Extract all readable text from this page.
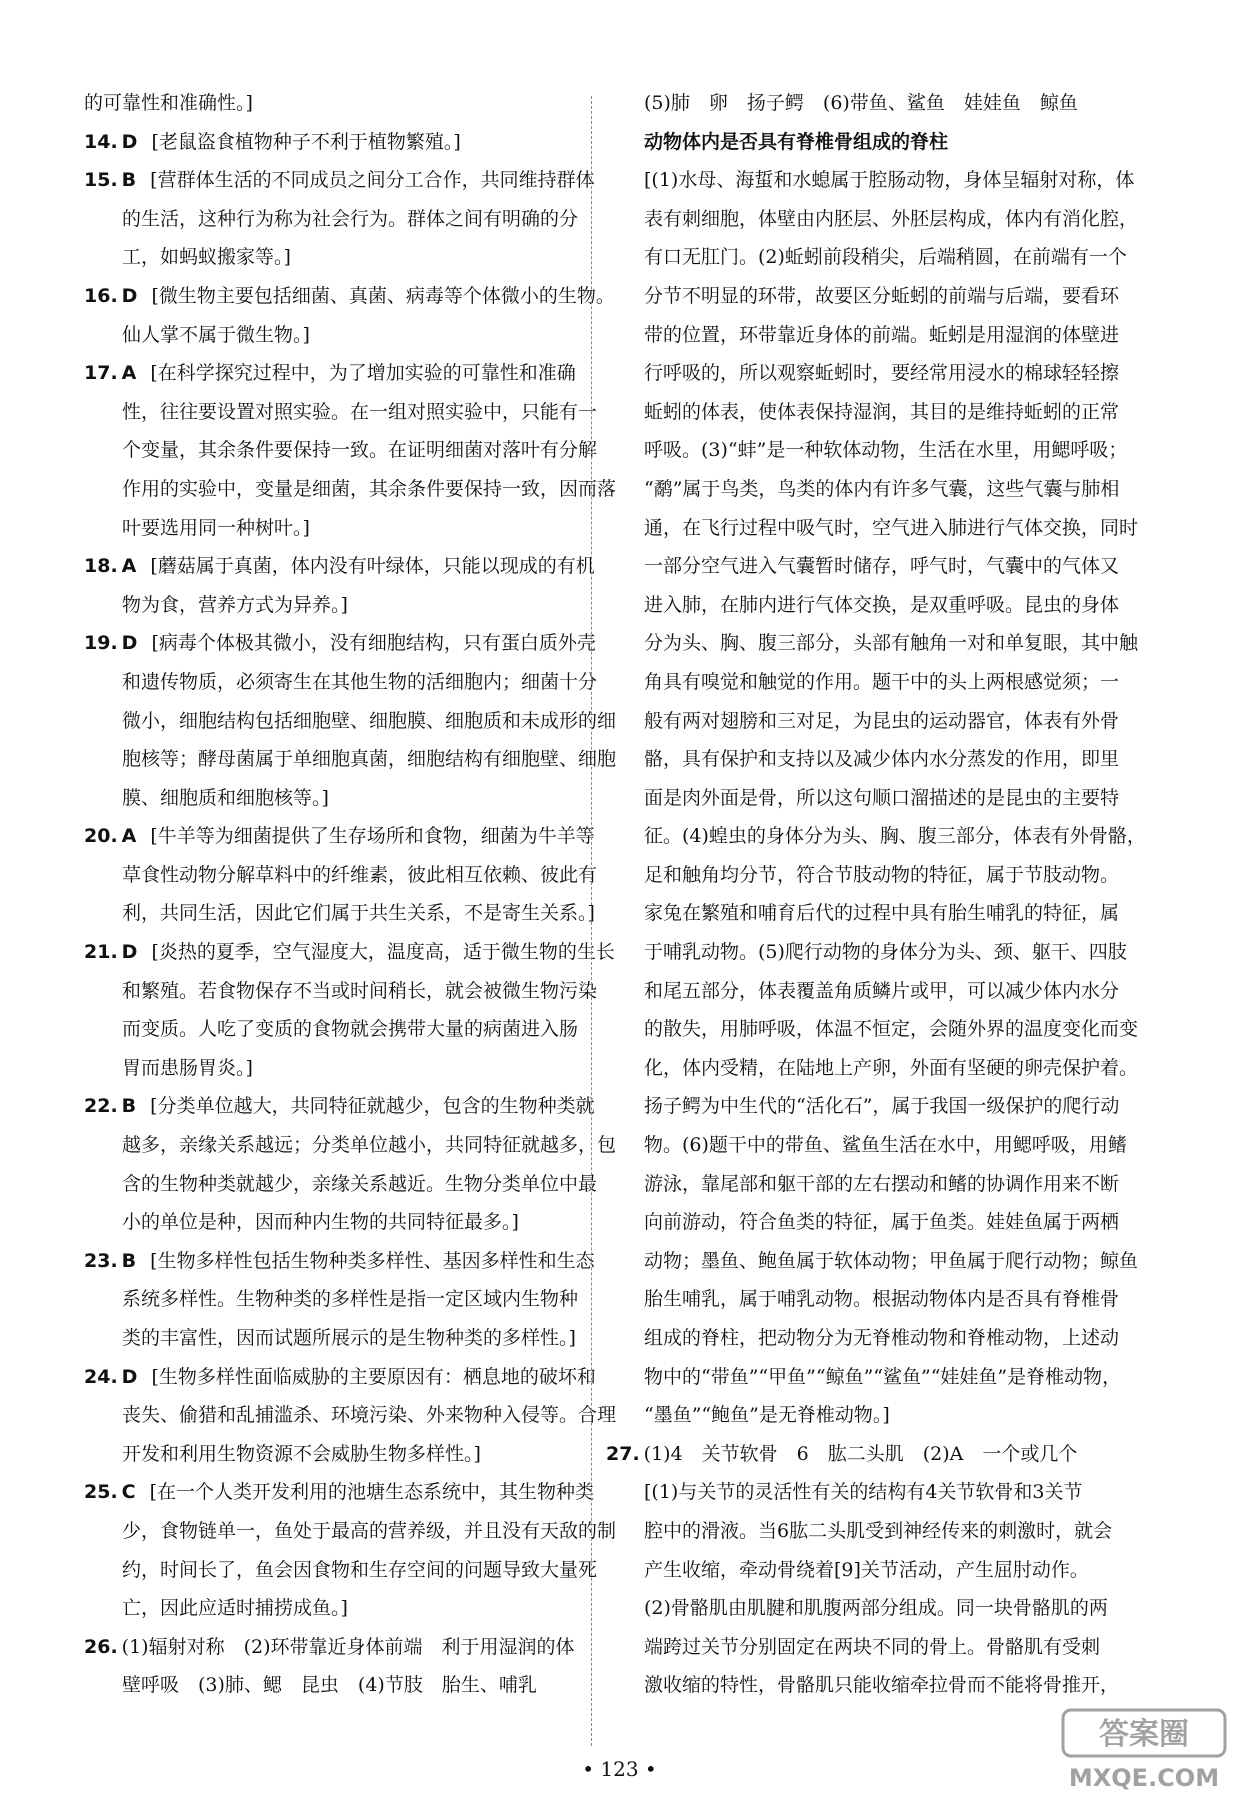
的可靠性和准确性。]
14. D [老鼠盗食植物种子不利于植物繁殖。]
15. B [营群体生活的不同成员之间分工合作，共同维持群体
的生活，这种行为称为社会行为。群体之间有明确的分
工，如蚂蚁搬家等。]
16. D [微生物主要包括细菌、真菌、病毒等个体微小的生物。
仙人掌不属于微生物。]
17. A [在科学探究过程中，为了增加实验的可靠性和准确
性，往往要设置对照实验。在一组对照实验中，只能有一
个变量，其余条件要保持一致。在证明细菌对落叶有分解
作用的实验中，变量是细菌，其余条件要保持一致，因而落
叶要选用同一种树叶。]
18. A [蘑菇属于真菌，体内没有叶绿体，只能以现成的有机
物为食，营养方式为异养。]
19. D [病毒个体极其微小，没有细胞结构，只有蛋白质外壳
和遗传物质，必须寄生在其他生物的活细胞内；细菌十分
微小，细胞结构包括细胞壁、细胞膜、细胞质和未成形的细
胞核等；酵母菌属于单细胞真菌，细胞结构有细胞壁、细胞
膜、细胞质和细胞核等。]
20. A [牛羊等为细菌提供了生存场所和食物，细菌为牛羊等
草食性动物分解草料中的纤维素，彼此相互依赖、彼此有
利，共同生活，因此它们属于共生关系，不是寄生关系。]
21. D [炎热的夏季，空气湿度大，温度高，适于微生物的生长
和繁殖。若食物保存不当或时间稍长，就会被微生物污染
而变质。人吃了变质的食物就会携带大量的病菌进入肠
胃而患肠胃炎。]
22. B [分类单位越大，共同特征就越少，包含的生物种类就
越多，亲缘关系越远；分类单位越小，共同特征就越多，包
含的生物种类就越少，亲缘关系越近。生物分类单位中最
小的单位是种，因而种内生物的共同特征最多。]
23. B [生物多样性包括生物种类多样性、基因多样性和生态
系统多样性。生物种类的多样性是指一定区域内生物种
类的丰富性，因而试题所展示的是生物种类的多样性。]
24. D [生物多样性面临威胁的主要原因有：栖息地的破坏和
丧失、偷猎和乱捕滥杀、环境污染、外来物种入侵等。合理
开发和利用生物资源不会威胁生物多样性。]
25. C [在一个人类开发利用的池塘生态系统中，其生物种类
少，食物链单一，鱼处于最高的营养级，并且没有天敌的制
约，时间长了，鱼会因食物和生存空间的问题导致大量死
亡，因此应适时捕捞成鱼。]
26. (1)辐射对称　(2)环带靠近身体前端　利于用湿润的体
壁呼吸　(3)肺、鳃　昆虫　(4)节肢　胎生、哺乳
(5)肺　卵　扬子鳄　(6)带鱼、鲨鱼　娃娃鱼　鲸鱼
动物体内是否具有脊椎骨组成的脊柱
[(1)水母、海蜇和水螅属于腔肠动物，身体呈辐射对称，体
表有刺细胞，体壁由内胚层、外胚层构成，体内有消化腔，
有口无肛门。(2)蚯蚓前段稍尖，后端稍圆，在前端有一个
分节不明显的环带，故要区分蚯蚓的前端与后端，要看环
带的位置，环带靠近身体的前端。蚯蚓是用湿润的体壁进
行呼吸的，所以观察蚯蚓时，要经常用浸水的棉球轻轻擦
蚯蚓的体表，使体表保持湿润，其目的是维持蚯蚓的正常
呼吸。(3)“蚌”是一种软体动物，生活在水里，用鳃呼吸；
“鹬”属于鸟类，鸟类的体内有许多气囊，这些气囊与肺相
通，在飞行过程中吸气时，空气进入肺进行气体交换，同时
一部分空气进入气囊暂时储存，呼气时，气囊中的气体又
进入肺，在肺内进行气体交换，是双重呼吸。昆虫的身体
分为头、胸、腹三部分，头部有触角一对和单复眼，其中触
角具有嗅觉和触觉的作用。题干中的头上两根感觉须；一
般有两对翅膀和三对足，为昆虫的运动器官，体表有外骨
骼，具有保护和支持以及减少体内水分蒸发的作用，即里
面是肉外面是骨，所以这句顺口溜描述的是昆虫的主要特
征。(4)蝗虫的身体分为头、胸、腹三部分，体表有外骨骼，
足和触角均分节，符合节肢动物的特征，属于节肢动物。
家兔在繁殖和哺育后代的过程中具有胎生哺乳的特征，属
于哺乳动物。(5)爬行动物的身体分为头、颈、躯干、四肢
和尾五部分，体表覆盖角质鳞片或甲，可以减少体内水分
的散失，用肺呼吸，体温不恒定，会随外界的温度变化而变
化，体内受精，在陆地上产卵，外面有坚硬的卵壳保护着。
扬子鳄为中生代的“活化石”，属于我国一级保护的爬行动
物。(6)题干中的带鱼、鲨鱼生活在水中，用鳃呼吸，用鳍
游泳，靠尾部和躯干部的左右摆动和鳍的协调作用来不断
向前游动，符合鱼类的特征，属于鱼类。娃娃鱼属于两栖
动物；墨鱼、鲍鱼属于软体动物；甲鱼属于爬行动物；鲸鱼
胎生哺乳，属于哺乳动物。根据动物体内是否具有脊椎骨
组成的脊柱，把动物分为无脊椎动物和脊椎动物，上述动
物中的“带鱼”“甲鱼”“鲸鱼”“鲨鱼”“娃娃鱼”是脊椎动物，
“墨鱼”“鲍鱼”是无脊椎动物。]
27. (1)4　关节软骨　6　肱二头肌　(2)A　一个或几个
[(1)与关节的灵活性有关的结构有4关节软骨和3关节
腔中的滑液。当6肱二头肌受到神经传来的刺激时，就会
产生收缩，牵动骨绕着[9]关节活动，产生屈肘动作。
(2)骨骼肌由肌腱和肌腹两部分组成。同一块骨骼肌的两
端跨过关节分别固定在两块不同的骨上。骨骼肌有受刺
激收缩的特性，骨骼肌只能收缩牵拉骨而不能将骨推开，
• 123 •
答案圈
MXQE.COM
